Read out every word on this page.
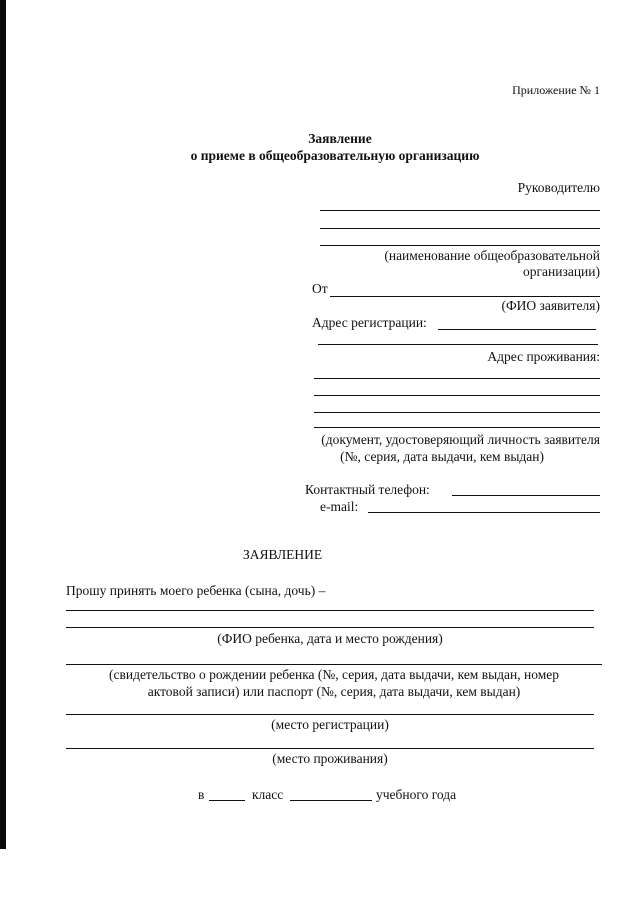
Приложение № 1
Заявление
о приеме в общеобразовательную организацию
Руководителю
(наименование общеобразовательной
организации)
От
(ФИО заявителя)
Адрес регистрации:
Адрес проживания:
(документ, удостоверяющий личность заявителя
(№, серия, дата выдачи, кем выдан)
Контактный телефон:
e-mail:
ЗАЯВЛЕНИЕ
Прошу принять моего ребенка (сына, дочь) –
(ФИО ребенка, дата и место рождения)
(свидетельство о рождении ребенка (№, серия, дата выдачи, кем выдан, номер
актовой записи) или паспорт (№, серия, дата выдачи, кем выдан)
(место регистрации)
(место проживания)
в	класс	учебного года
